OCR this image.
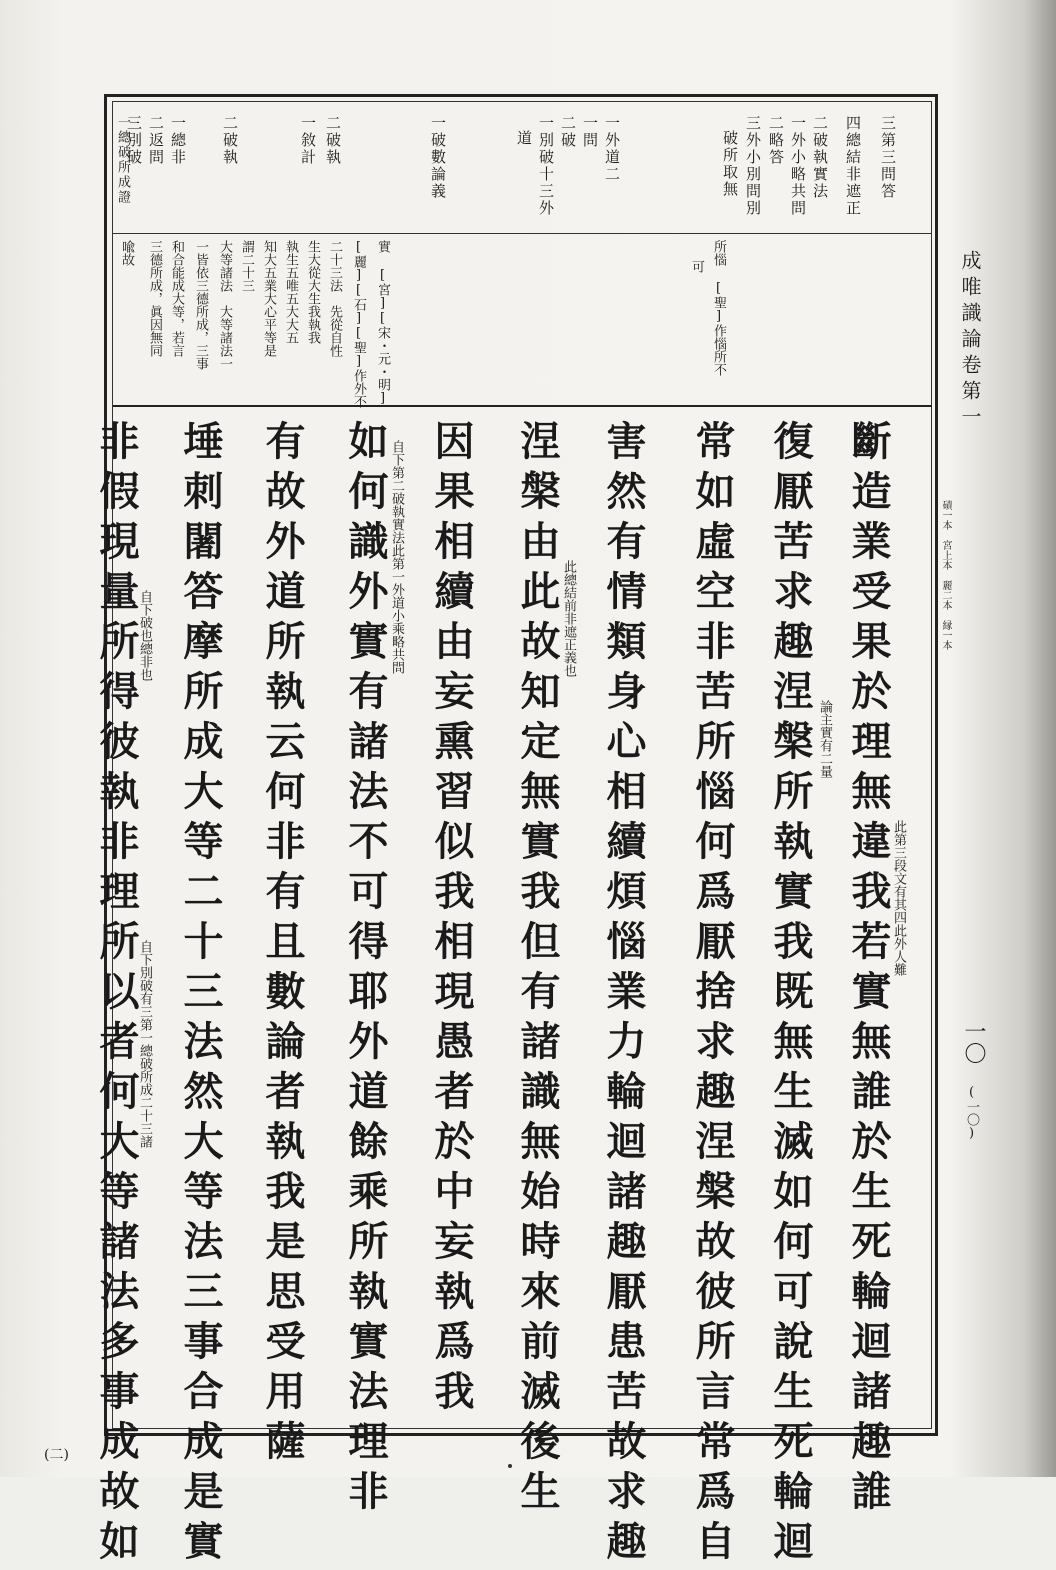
成唯識論卷第一
磧一本　宮上本　麗二本　縁一本
一〇
(一〇)
三第三問答
四總結非遮正
二破執實法
一外小略共問
二略答
三外小別問別
破所取無
一外道二
一問
二破
一別破十三外
道
一破數論義
二破執
一敘計
二破執
一總非
二返問
三別破
一總破所成證
喩故 三德所成，眞因無同 和合能成大等，若言 一皆依三德所成，三事 大等諸法　大等諸法一 謂二十三 知大五業大心平等是 執生五唯五大大五 生大從大生我執我 二十三法　先從自性 [麗][石][聖]作外不 實 [宮][宋・元・明]	可 所惱 [聖]作惱所不
斷造業受果於理無違我若實無誰於生死輪迴諸趣誰
復厭苦求趣涅槃所執實我既無生滅如何可說生死輪迴
常如虛空非苦所惱何爲厭捨求趣涅槃故彼所言常爲自
害然有情類身心相續煩惱業力輪迴諸趣厭患苦故求趣
涅槃由此故知定無實我但有諸識無始時來前滅後生
因果相續由妄熏習似我相現愚者於中妄執爲我
如何識外實有諸法不可得耶外道餘乘所執實法理非
有故外道所執云何非有且數論者執我是思受用薩
埵刺闍答摩所成大等二十三法然大等法三事合成是實
非假現量所得彼執非理所以者何大等諸法多事成故如	此第三段文有其四此外人難
論主實有二量
此總結前非遮正義也
自下第二破執實法此第一外道小乘略共問
自下破也總非也
自下別破有三第一總破所成二十三諸
(二)
